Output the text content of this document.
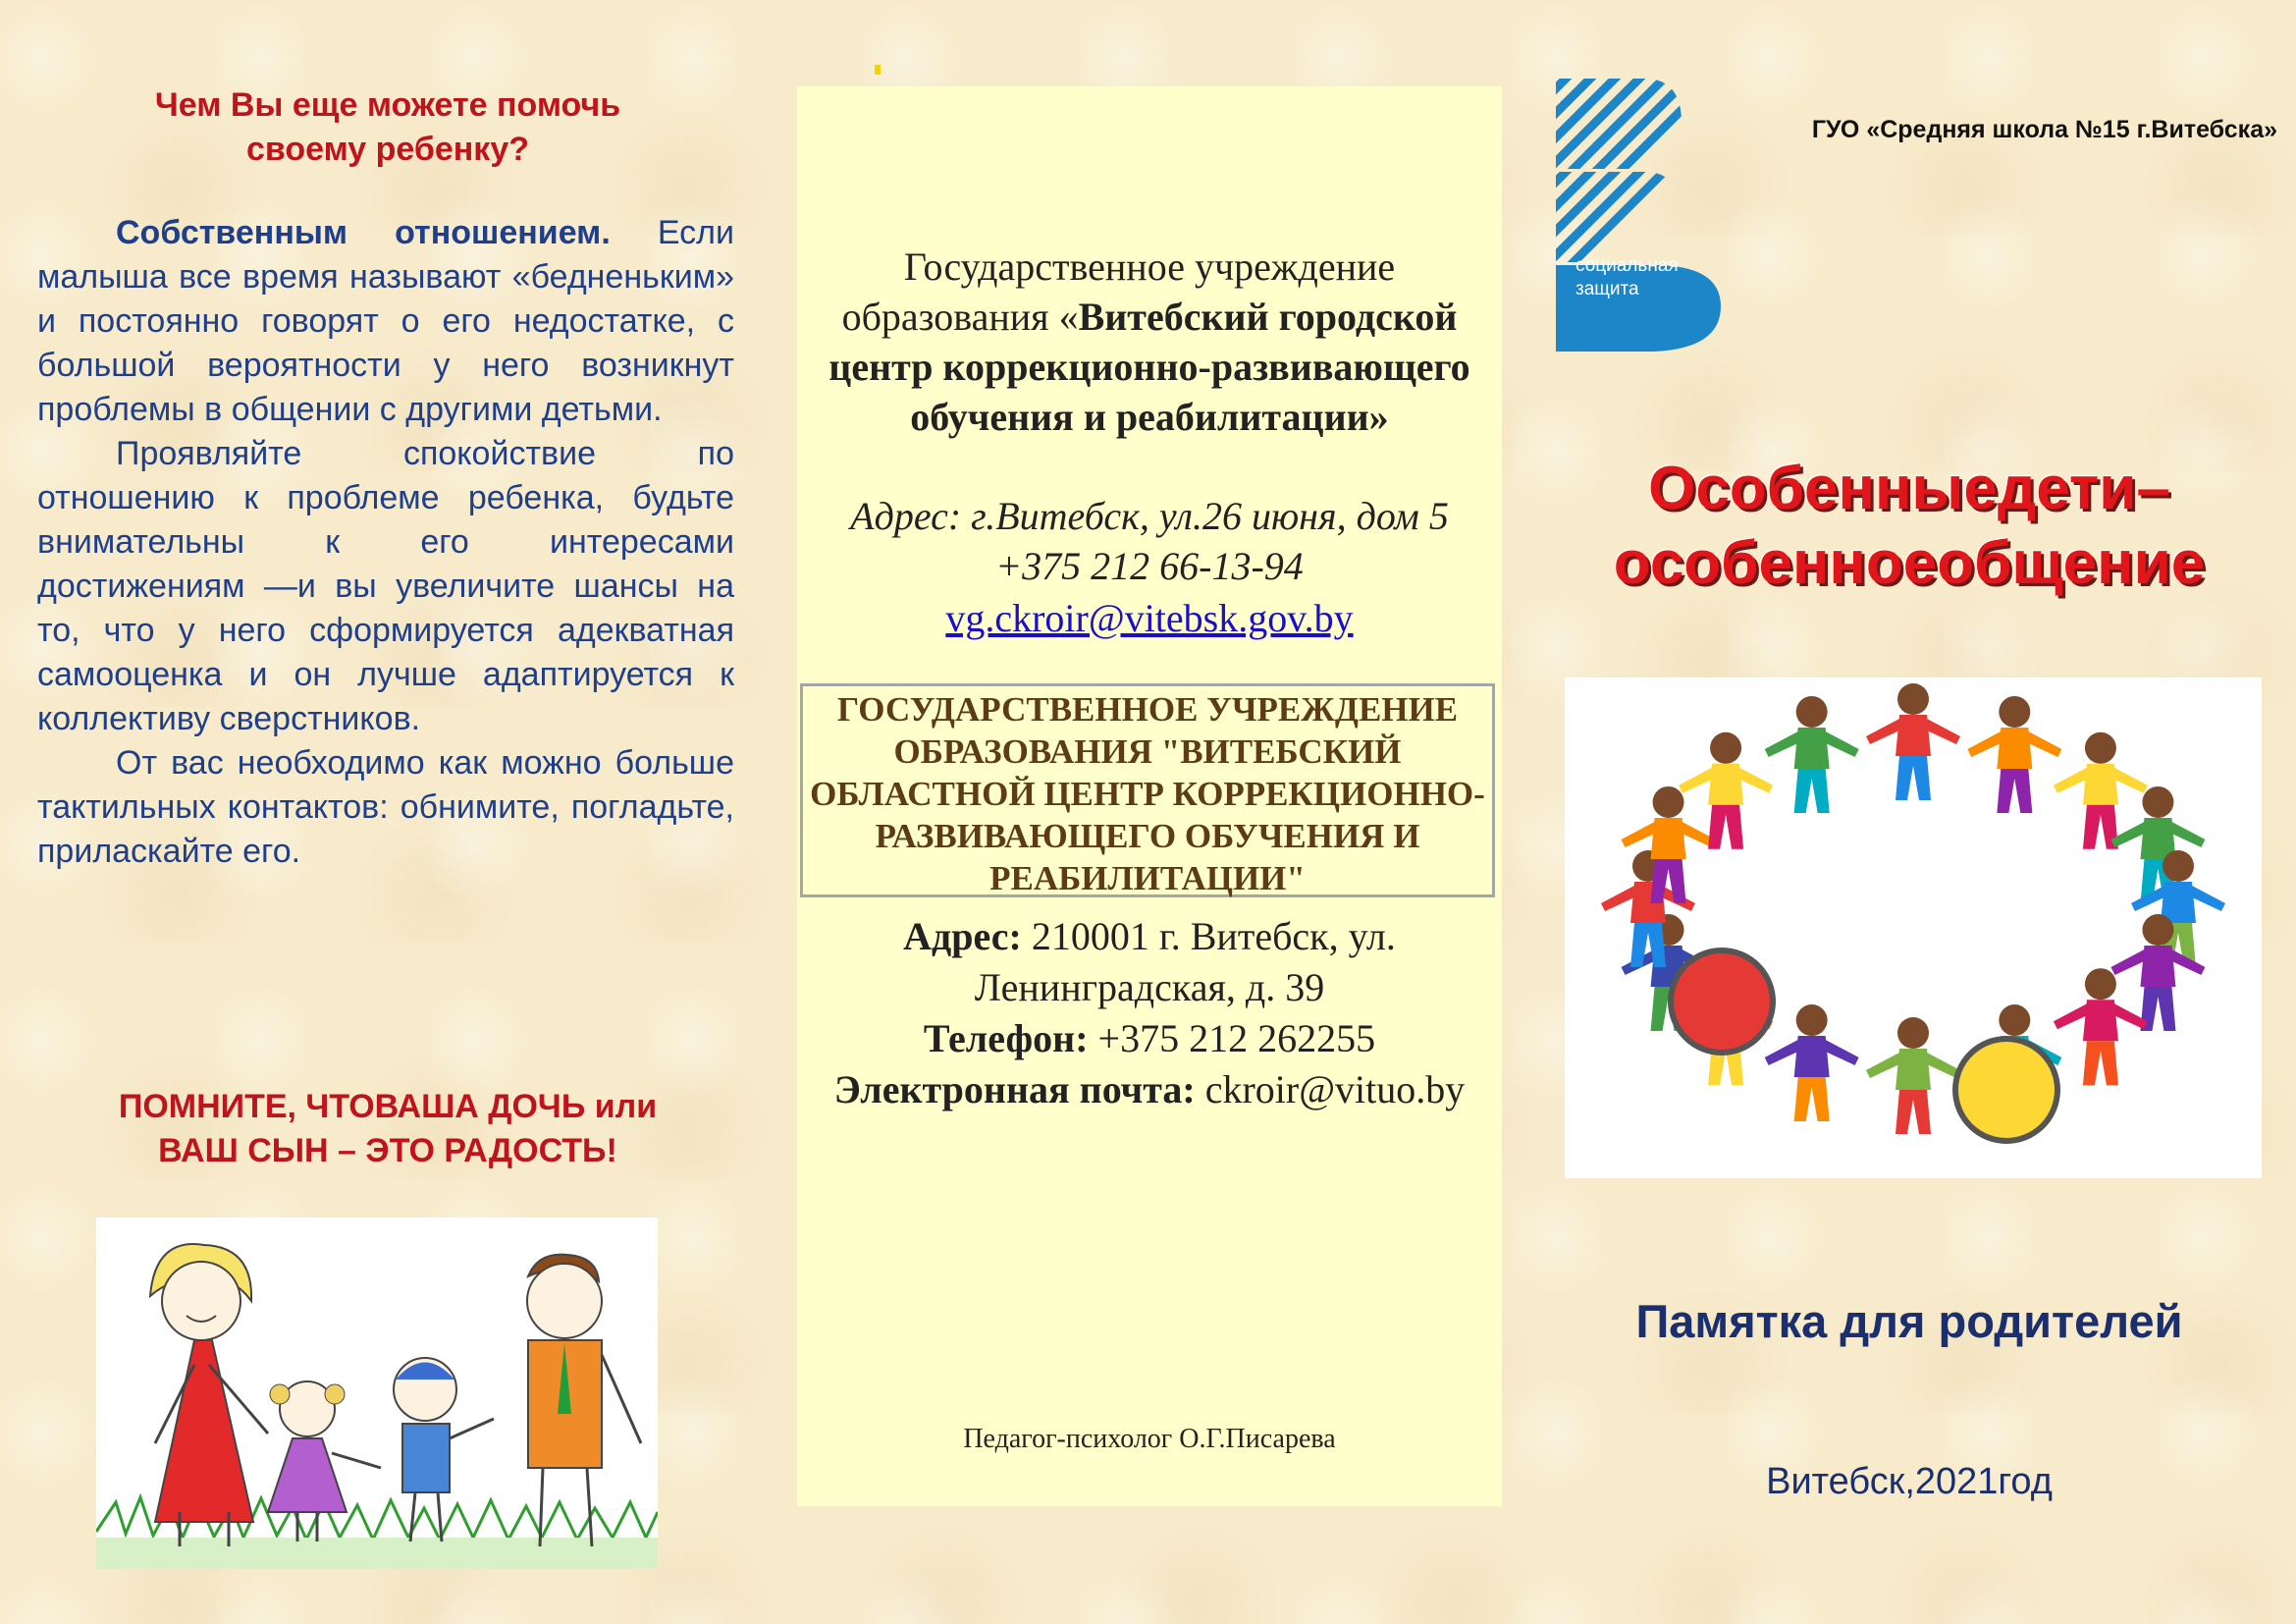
Чем Вы еще можете помочь
своему ребенку?

Собственным отношением. Если малыша все время называют «бедненьким» и постоянно говорят о его недостатке, с большой вероятности у него возникнут проблемы в общении с другими детьми.

Проявляйте спокойствие по отношению к проблеме ребенка, будьте внимательны к его интересами достижениям —и вы увеличите шансы на то, что у него сформируется адекватная самооценка и он лучше адаптируется к коллективу сверстников.

От вас необходимо как можно больше тактильных контактов: обнимите, погладьте, приласкайте его.

ПОМНИТЕ, ЧТОВАША ДОЧЬ или
ВАШ СЫН – ЭТО РАДОСТЬ!
Государственное учреждение
образования «Витебский городской центр коррекционно-развивающего обучения и реабилитации»
Адрес: г.Витебск, ул.26 июня, дом 5
+375 212 66-13-94
vg.ckroir@vitebsk.gov.by
ГОСУДАРСТВЕННОЕ УЧРЕЖДЕНИЕ ОБРАЗОВАНИЯ "ВИТЕБСКИЙ ОБЛАСТНОЙ ЦЕНТР КОРРЕКЦИОННО-РАЗВИВАЮЩЕГО ОБУЧЕНИЯ И РЕАБИЛИТАЦИИ"
Адрес: 210001 г. Витебск, ул. Ленинградская, д. 39
Телефон: +375 212 262255
Электронная почта: ckroir@vituo.by
Педагог-психолог О.Г.Писарева
социальная
защита
ГУО «Средняя школа №15 г.Витебска»
Особенныедети–
особенноеобщение
Памятка для родителей
Витебск,2021год
